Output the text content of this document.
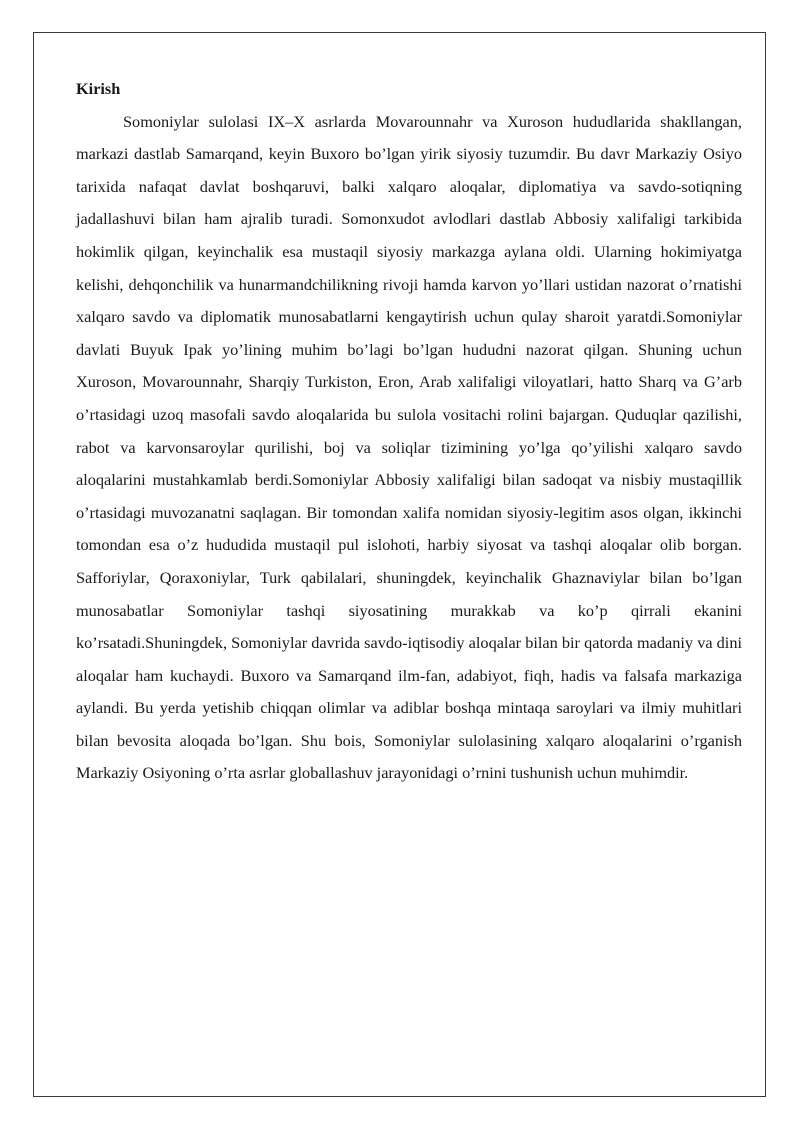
Kirish

Somoniylar sulolasi IX–X asrlarda Movarounnahr va Xuroson hududlarida shakllangan, markazi dastlab Samarqand, keyin Buxoro bo’lgan yirik siyosiy tuzumdir. Bu davr Markaziy Osiyo tarixida nafaqat davlat boshqaruvi, balki xalqaro aloqalar, diplomatiya va savdo-sotiqning jadallashuvi bilan ham ajralib turadi. Somonxudot avlodlari dastlab Abbosiy xalifaligi tarkibida hokimlik qilgan, keyinchalik esa mustaqil siyosiy markazga aylana oldi. Ularning hokimiyatga kelishi, dehqonchilik va hunarmandchilikning rivoji hamda karvon yo’llari ustidan nazorat o’rnatishi xalqaro savdo va diplomatik munosabatlarni kengaytirish uchun qulay sharoit yaratdi.Somoniylar davlati Buyuk Ipak yo’lining muhim bo’lagi bo’lgan hududni nazorat qilgan. Shuning uchun Xuroson, Movarounnahr, Sharqiy Turkiston, Eron, Arab xalifaligi viloyatlari, hatto Sharq va G’arb o’rtasidagi uzoq masofali savdo aloqalarida bu sulola vositachi rolini bajargan. Quduqlar qazilishi, rabot va karvonsaroylar qurilishi, boj va soliqlar tizimining yo’lga qo’yilishi xalqaro savdo aloqalarini mustahkamlab berdi.Somoniylar Abbosiy xalifaligi bilan sadoqat va nisbiy mustaqillik o’rtasidagi muvozanatni saqlagan. Bir tomondan xalifa nomidan siyosiy-legitim asos olgan, ikkinchi tomondan esa o’z hududida mustaqil pul islohoti, harbiy siyosat va tashqi aloqalar olib borgan. Safforiylar, Qoraxoniylar, Turk qabilalari, shuningdek, keyinchalik Ghaznaviylar bilan bo’lgan munosabatlar Somoniylar tashqi siyosatining murakkab va ko’p qirrali ekanini ko’rsatadi.Shuningdek, Somoniylar davrida savdo-iqtisodiy aloqalar bilan bir qatorda madaniy va dini aloqalar ham kuchaydi. Buxoro va Samarqand ilm-fan, adabiyot, fiqh, hadis va falsafa markaziga aylandi. Bu yerda yetishib chiqqan olimlar va adiblar boshqa mintaqa saroylari va ilmiy muhitlari bilan bevosita aloqada bo’lgan. Shu bois, Somoniylar sulolasining xalqaro aloqalarini o’rganish Markaziy Osiyoning o’rta asrlar globallashuv jarayonidagi o’rnini tushunish uchun muhimdir.
